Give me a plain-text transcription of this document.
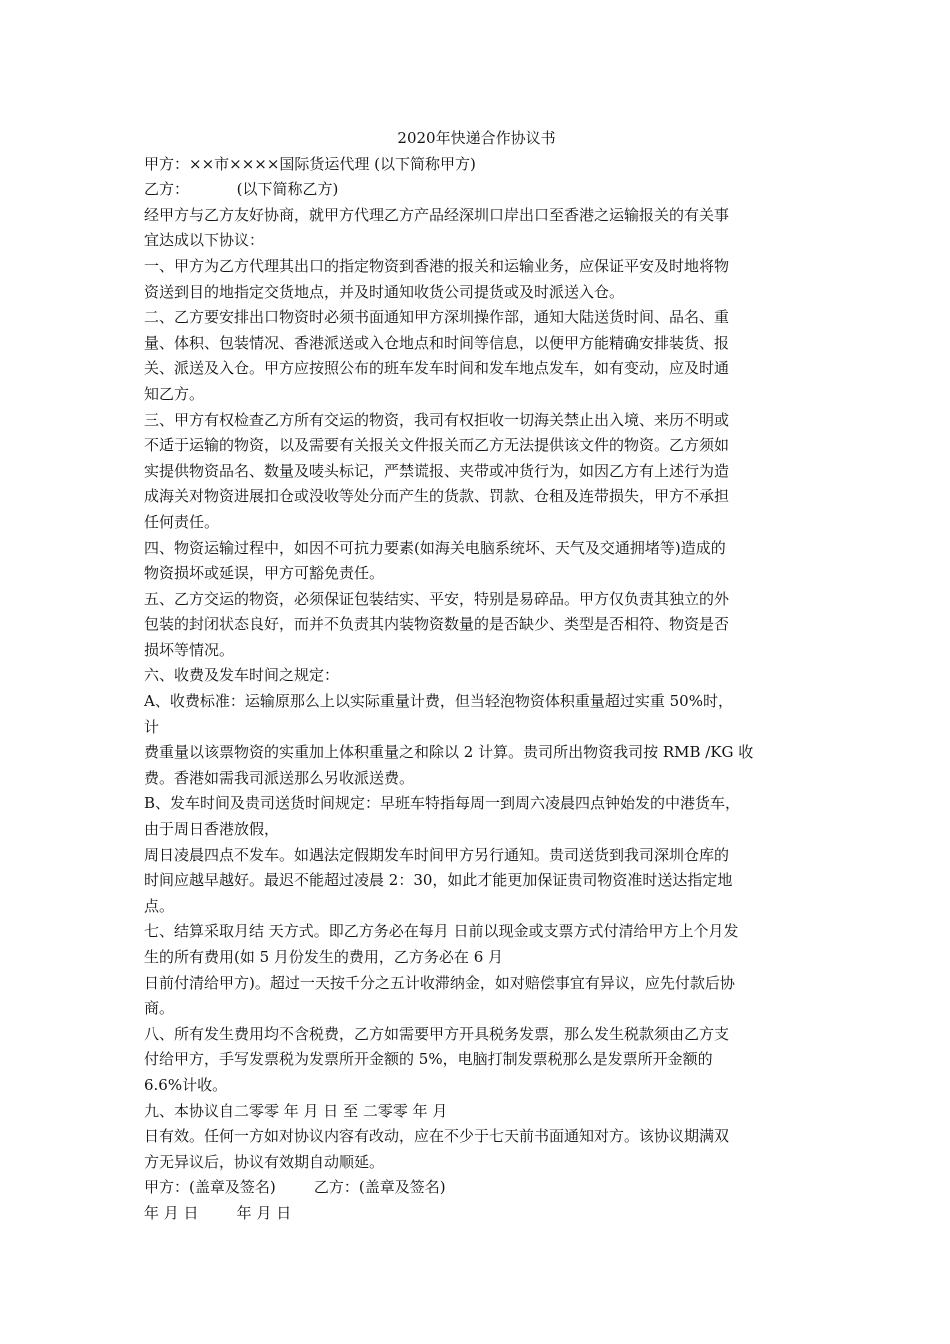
2020年快递合作协议书

甲方：××市××××国际货运代理 (以下简称甲方)

乙方：          (以下简称乙方)

经甲方与乙方友好协商，就甲方代理乙方产品经深圳口岸出口至香港之运输报关的有关事

宜达成以下协议：

一、甲方为乙方代理其出口的指定物资到香港的报关和运输业务，应保证平安及时地将物

资送到目的地指定交货地点，并及时通知收货公司提货或及时派送入仓。

二、乙方要安排出口物资时必须书面通知甲方深圳操作部，通知大陆送货时间、品名、重

量、体积、包装情况、香港派送或入仓地点和时间等信息，以便甲方能精确安排装货、报

关、派送及入仓。甲方应按照公布的班车发车时间和发车地点发车，如有变动，应及时通

知乙方。

三、甲方有权检查乙方所有交运的物资，我司有权拒收一切海关禁止出入境、来历不明或

不适于运输的物资，以及需要有关报关文件报关而乙方无法提供该文件的物资。乙方须如

实提供物资品名、数量及唛头标记，严禁谎报、夹带或冲货行为，如因乙方有上述行为造

成海关对物资进展扣仓或没收等处分而产生的货款、罚款、仓租及连带损失，甲方不承担

任何责任。

四、物资运输过程中，如因不可抗力要素(如海关电脑系统坏、天气及交通拥堵等)造成的

物资损坏或延误，甲方可豁免责任。

五、乙方交运的物资，必须保证包装结实、平安，特别是易碎品。甲方仅负责其独立的外

包装的封闭状态良好，而并不负责其内装物资数量的是否缺少、类型是否相符、物资是否

损坏等情况。

六、收费及发车时间之规定：

A、收费标准：运输原那么上以实际重量计费，但当轻泡物资体积重量超过实重 50%时，

计

费重量以该票物资的实重加上体积重量之和除以 2 计算。贵司所出物资我司按 RMB /KG 收

费。香港如需我司派送那么另收派送费。

B、发车时间及贵司送货时间规定：早班车特指每周一到周六凌晨四点钟始发的中港货车，

由于周日香港放假，

周日凌晨四点不发车。如遇法定假期发车时间甲方另行通知。贵司送货到我司深圳仓库的

时间应越早越好。最迟不能超过凌晨 2：30，如此才能更加保证贵司物资准时送达指定地

点。

七、结算采取月结 天方式。即乙方务必在每月 日前以现金或支票方式付清给甲方上个月发

生的所有费用(如 5 月份发生的费用，乙方务必在 6 月

日前付清给甲方)。超过一天按千分之五计收滞纳金，如对赔偿事宜有异议，应先付款后协

商。

八、所有发生费用均不含税费，乙方如需要甲方开具税务发票，那么发生税款须由乙方支

付给甲方，手写发票税为发票所开金额的 5%，电脑打制发票税那么是发票所开金额的

6.6%计收。

九、本协议自二零零 年 月 日 至 二零零 年 月

日有效。任何一方如对协议内容有改动，应在不少于七天前书面通知对方。该协议期满双

方无异议后，协议有效期自动顺延。

甲方：(盖章及签名)        乙方：(盖章及签名)

年 月 日        年 月 日
